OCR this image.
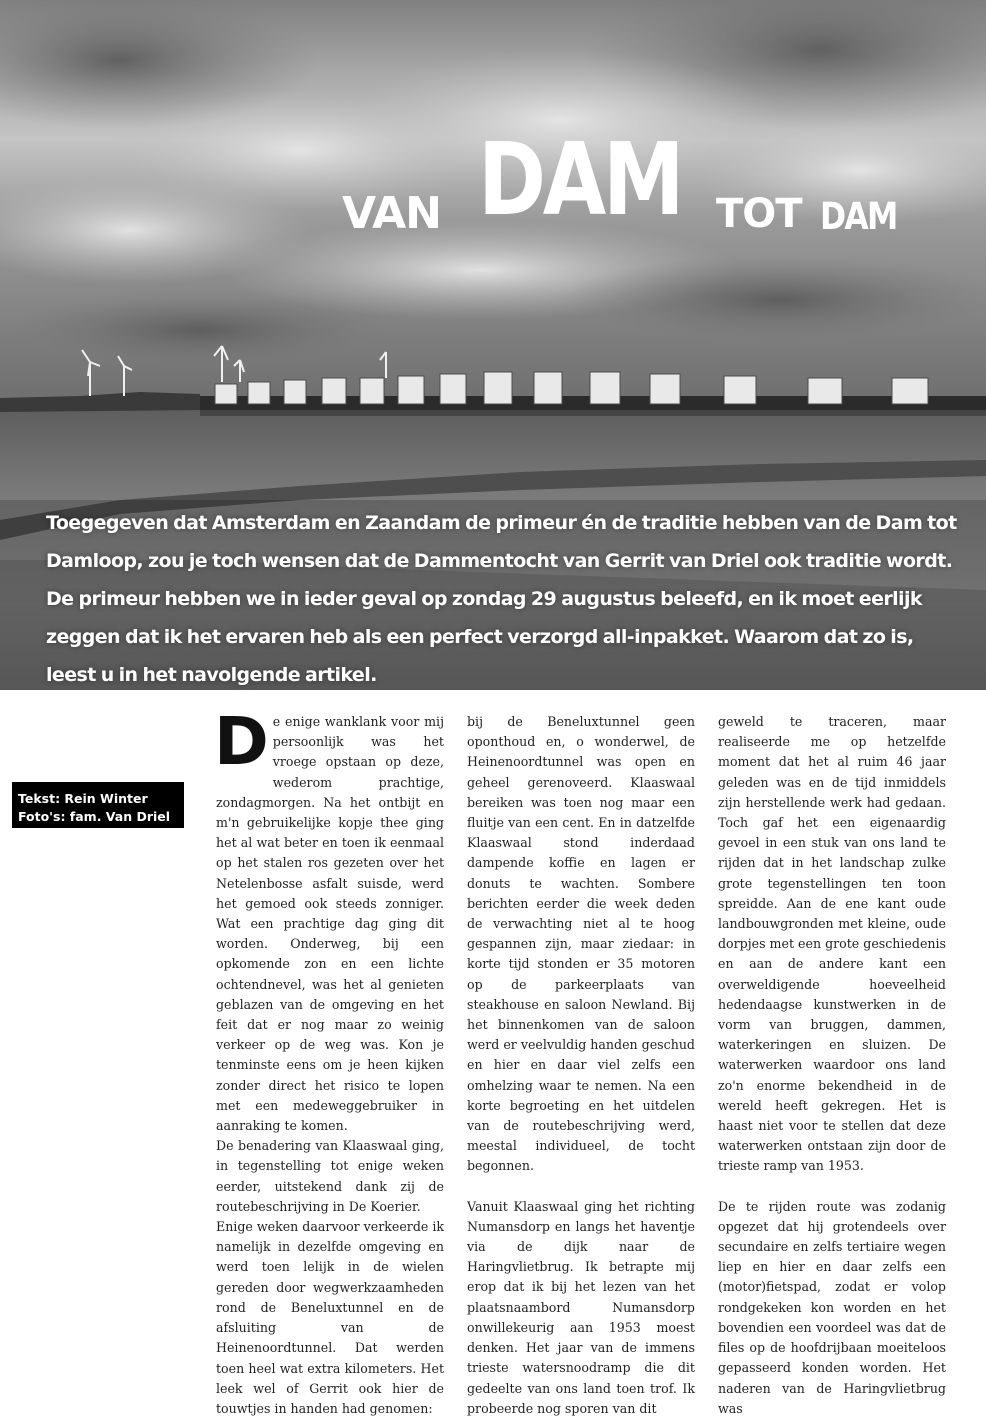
VAN DAM TOT DAM

Toegegeven dat Amsterdam en Zaandam de primeur én de traditie hebben van de Dam tot Damloop, zou je toch wensen dat de Dammentocht van Gerrit van Driel ook traditie wordt. De primeur hebben we in ieder geval op zondag 29 augustus beleefd, en ik moet eerlijk zeggen dat ik het ervaren heb als een perfect verzorgd all-inpakket. Waarom dat zo is, leest u in het navolgende artikel.

Tekst: Rein Winter
Foto's: fam. Van Driel

De enige wanklank voor mij persoonlijk was het vroege opstaan op deze, wederom prachtige, zondagmorgen. Na het ontbijt en m'n gebruikelijke kopje thee ging het al wat beter en toen ik eenmaal op het stalen ros gezeten over het Netelenbosse asfalt suisde, werd het gemoed ook steeds zonniger. Wat een prachtige dag ging dit worden. Onderweg, bij een opkomende zon en een lichte ochtendnevel, was het al genieten geblazen van de omgeving en het feit dat er nog maar zo weinig verkeer op de weg was. Kon je tenminste eens om je heen kijken zonder direct het risico te lopen met een medeweggebruiker in aanraking te komen.

De benadering van Klaaswaal ging, in tegenstelling tot enige weken eerder, uitstekend dank zij de routebeschrijving in De Koerier.

Enige weken daarvoor verkeerde ik namelijk in dezelfde omgeving en werd toen lelijk in de wielen gereden door wegwerkzaamheden rond de Beneluxtunnel en de afsluiting van de Heinenoordtunnel. Dat werden toen heel wat extra kilometers. Het leek wel of Gerrit ook hier de touwtjes in handen had genomen:

bij de Beneluxtunnel geen oponthoud en, o wonderwel, de Heinenoordtunnel was open en geheel gerenoveerd. Klaaswaal bereiken was toen nog maar een fluitje van een cent. En in datzelfde Klaaswaal stond inderdaad dampende koffie en lagen er donuts te wachten. Sombere berichten eerder die week deden de verwachting niet al te hoog gespannen zijn, maar ziedaar: in korte tijd stonden er 35 motoren op de parkeerplaats van steakhouse en saloon Newland. Bij het binnenkomen van de saloon werd er veelvuldig handen geschud en hier en daar viel zelfs een omhelzing waar te nemen. Na een korte begroeting en het uitdelen van de routebeschrijving werd, meestal individueel, de tocht begonnen.

Vanuit Klaaswaal ging het richting Numansdorp en langs het haventje via de dijk naar de Haringvlietbrug. Ik betrapte mij erop dat ik bij het lezen van het plaatsnaambord Numansdorp onwillekeurig aan 1953 moest denken. Het jaar van de immens trieste watersnoodramp die dit gedeelte van ons land toen trof. Ik probeerde nog sporen van dit

geweld te traceren, maar realiseerde me op hetzelfde moment dat het al ruim 46 jaar geleden was en de tijd inmiddels zijn herstellende werk had gedaan. Toch gaf het een eigenaardig gevoel in een stuk van ons land te rijden dat in het landschap zulke grote tegenstellingen ten toon spreidde. Aan de ene kant oude landbouwgronden met kleine, oude dorpjes met een grote geschiedenis en aan de andere kant een overweldigende hoeveelheid hedendaagse kunstwerken in de vorm van bruggen, dammen, waterkeringen en sluizen. De waterwerken waardoor ons land zo'n enorme bekendheid in de wereld heeft gekregen. Het is haast niet voor te stellen dat deze waterwerken ontstaan zijn door de trieste ramp van 1953.

De te rijden route was zodanig opgezet dat hij grotendeels over secundaire en zelfs tertiaire wegen liep en hier en daar zelfs een (motor)fietspad, zodat er volop rondgekeken kon worden en het bovendien een voordeel was dat de files op de hoofdrijbaan moeiteloos gepasseerd konden worden. Het naderen van de Haringvlietbrug was
